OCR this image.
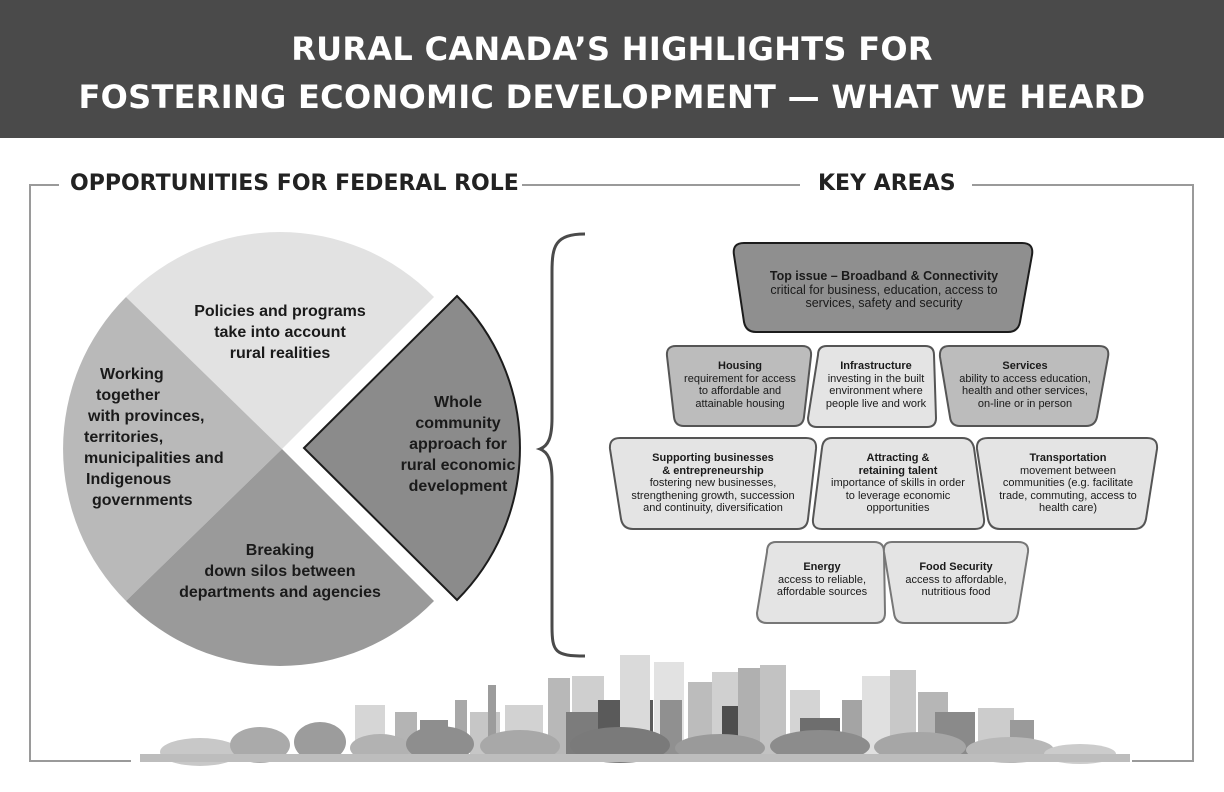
RURAL CANADA’S HIGHLIGHTS FOR
FOSTERING ECONOMIC DEVELOPMENT — WHAT WE HEARD
OPPORTUNITIES FOR FEDERAL ROLE	KEY AREAS
Policies and programs
take into account
rural realities
Working
together
with provinces,
territories,
municipalities and
Indigenous
governments
Breaking
down silos between
departments and agencies
Whole
community
approach for
rural economic
development
Top issue – Broadband & Connectivity
critical for business, education, access to
services, safety and security
Housing
requirement for access
to affordable and
attainable housing
Infrastructure
investing in the built
environment where
people live and work
Services
ability to access education,
health and other services,
on-line or in person
Supporting businesses
& entrepreneurship
fostering new businesses,
strengthening growth, succession
and continuity, diversification
Attracting &
retaining talent
importance of skills in order
to leverage economic
opportunities
Transportation
movement between
communities (e.g. facilitate
trade, commuting, access to
health care)
Energy
access to reliable,
affordable sources
Food Security
access to affordable,
nutritious food
